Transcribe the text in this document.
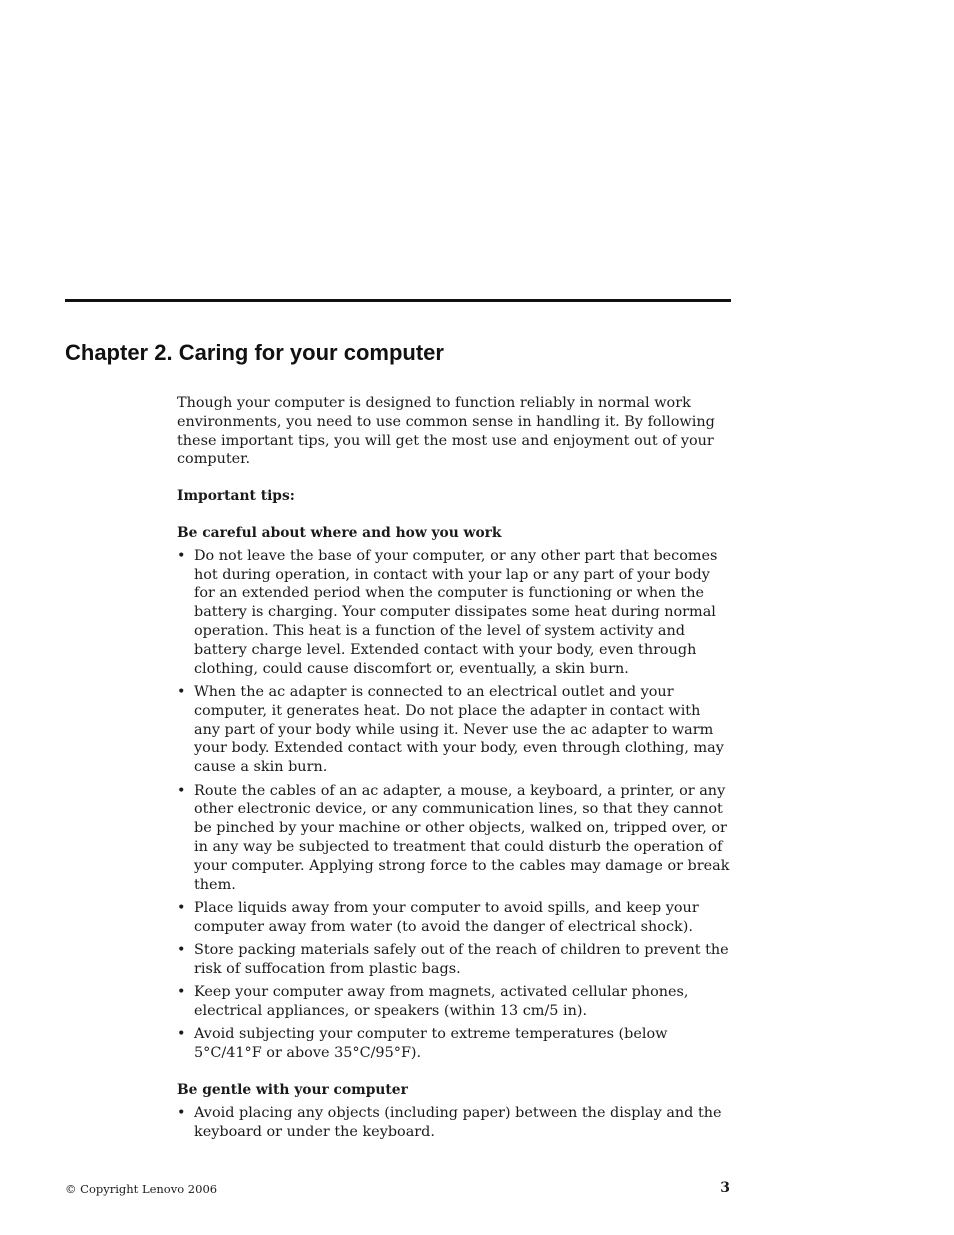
Chapter 2. Caring for your computer

Though your computer is designed to function reliably in normal work environments, you need to use common sense in handling it. By following these important tips, you will get the most use and enjoyment out of your computer.

Important tips:

Be careful about where and how you work

• Do not leave the base of your computer, or any other part that becomes hot during operation, in contact with your lap or any part of your body for an extended period when the computer is functioning or when the battery is charging. Your computer dissipates some heat during normal operation. This heat is a function of the level of system activity and battery charge level. Extended contact with your body, even through clothing, could cause discomfort or, eventually, a skin burn.
• When the ac adapter is connected to an electrical outlet and your computer, it generates heat. Do not place the adapter in contact with any part of your body while using it. Never use the ac adapter to warm your body. Extended contact with your body, even through clothing, may cause a skin burn.
• Route the cables of an ac adapter, a mouse, a keyboard, a printer, or any other electronic device, or any communication lines, so that they cannot be pinched by your machine or other objects, walked on, tripped over, or in any way be subjected to treatment that could disturb the operation of your computer. Applying strong force to the cables may damage or break them.
• Place liquids away from your computer to avoid spills, and keep your computer away from water (to avoid the danger of electrical shock).
• Store packing materials safely out of the reach of children to prevent the risk of suffocation from plastic bags.
• Keep your computer away from magnets, activated cellular phones, electrical appliances, or speakers (within 13 cm/5 in).
• Avoid subjecting your computer to extreme temperatures (below 5°C/41°F or above 35°C/95°F).

Be gentle with your computer

• Avoid placing any objects (including paper) between the display and the keyboard or under the keyboard.
© Copyright Lenovo 2006	3
